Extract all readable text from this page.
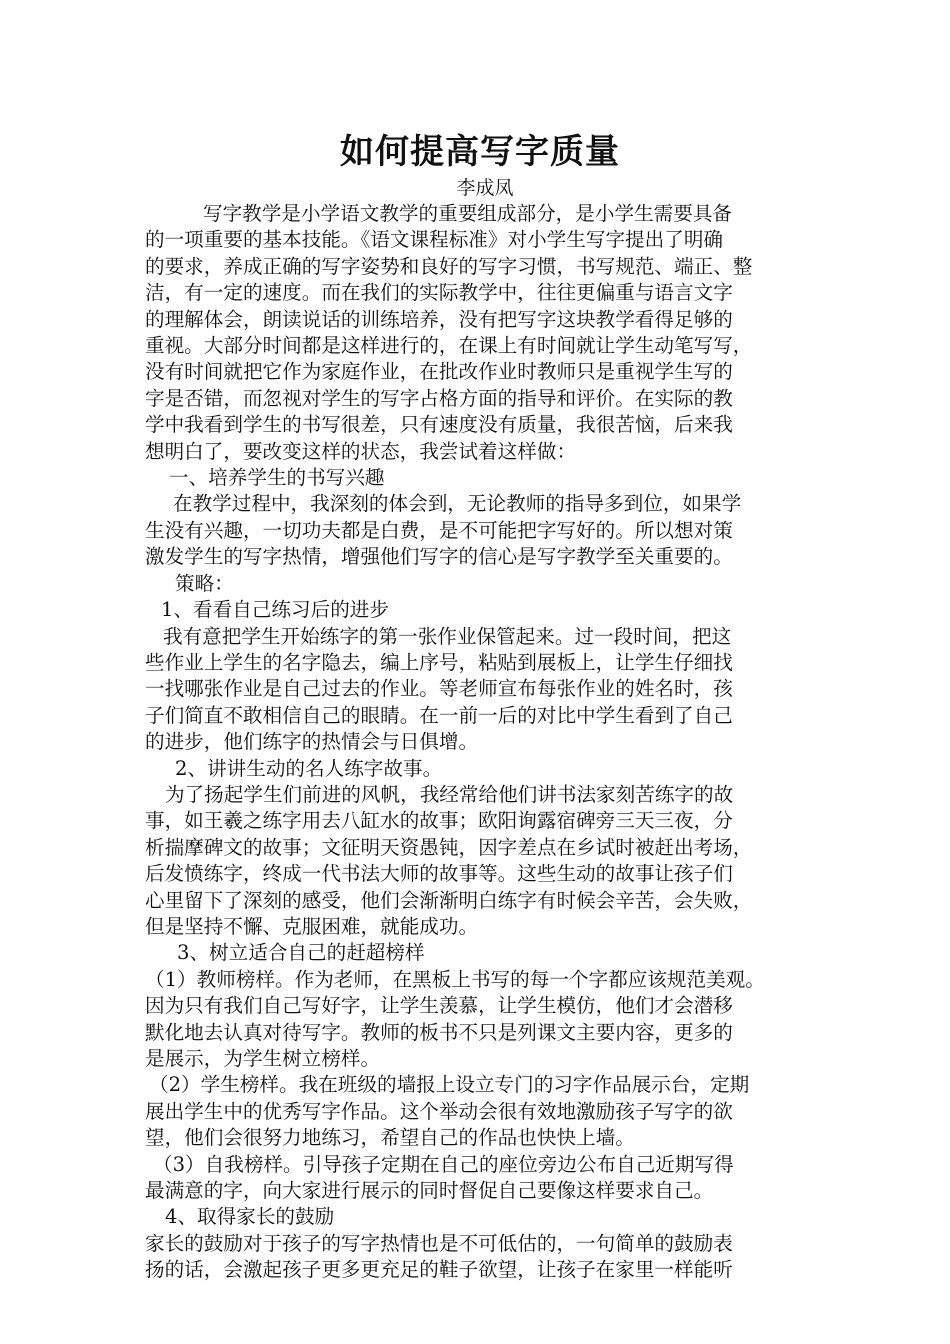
如何提高写字质量

李成凤

写字教学是小学语文教学的重要组成部分，是小学生需要具备
的一项重要的基本技能。《语文课程标准》对小学生写字提出了明确
的要求，养成正确的写字姿势和良好的写字习惯，书写规范、端正、整
洁，有一定的速度。而在我们的实际教学中，往往更偏重与语言文字
的理解体会，朗读说话的训练培养，没有把写字这块教学看得足够的
重视。大部分时间都是这样进行的，在课上有时间就让学生动笔写写，
没有时间就把它作为家庭作业，在批改作业时教师只是重视学生写的
字是否错，而忽视对学生的写字占格方面的指导和评价。在实际的教
学中我看到学生的书写很差，只有速度没有质量，我很苦恼，后来我
想明白了，要改变这样的状态，我尝试着这样做：
一、培养学生的书写兴趣
在教学过程中，我深刻的体会到，无论教师的指导多到位，如果学
生没有兴趣，一切功夫都是白费，是不可能把字写好的。所以想对策
激发学生的写字热情，增强他们写字的信心是写字教学至关重要的。
策略：
1、看看自己练习后的进步
我有意把学生开始练字的第一张作业保管起来。过一段时间，把这
些作业上学生的名字隐去，编上序号，粘贴到展板上，让学生仔细找
一找哪张作业是自己过去的作业。等老师宣布每张作业的姓名时，孩
子们简直不敢相信自己的眼睛。在一前一后的对比中学生看到了自己
的进步，他们练字的热情会与日俱增。
2、讲讲生动的名人练字故事。
为了扬起学生们前进的风帆，我经常给他们讲书法家刻苦练字的故
事，如王羲之练字用去八缸水的故事；欧阳询露宿碑旁三天三夜，分
析揣摩碑文的故事；文征明天资愚钝，因字差点在乡试时被赶出考场，
后发愤练字，终成一代书法大师的故事等。这些生动的故事让孩子们
心里留下了深刻的感受，他们会渐渐明白练字有时候会辛苦，会失败，
但是坚持不懈、克服困难，就能成功。
3、树立适合自己的赶超榜样
（1）教师榜样。作为老师，在黑板上书写的每一个字都应该规范美观。
因为只有我们自己写好字，让学生羡慕，让学生模仿，他们才会潜移
默化地去认真对待写字。教师的板书不只是列课文主要内容，更多的
是展示，为学生树立榜样。
（2）学生榜样。我在班级的墙报上设立专门的习字作品展示台，定期
展出学生中的优秀写字作品。这个举动会很有效地激励孩子写字的欲
望，他们会很努力地练习，希望自己的作品也快快上墙。
（3）自我榜样。引导孩子定期在自己的座位旁边公布自己近期写得
最满意的字，向大家进行展示的同时督促自己要像这样要求自己。
4、取得家长的鼓励
家长的鼓励对于孩子的写字热情也是不可低估的，一句简单的鼓励表
扬的话，会激起孩子更多更充足的鞋子欲望，让孩子在家里一样能听
